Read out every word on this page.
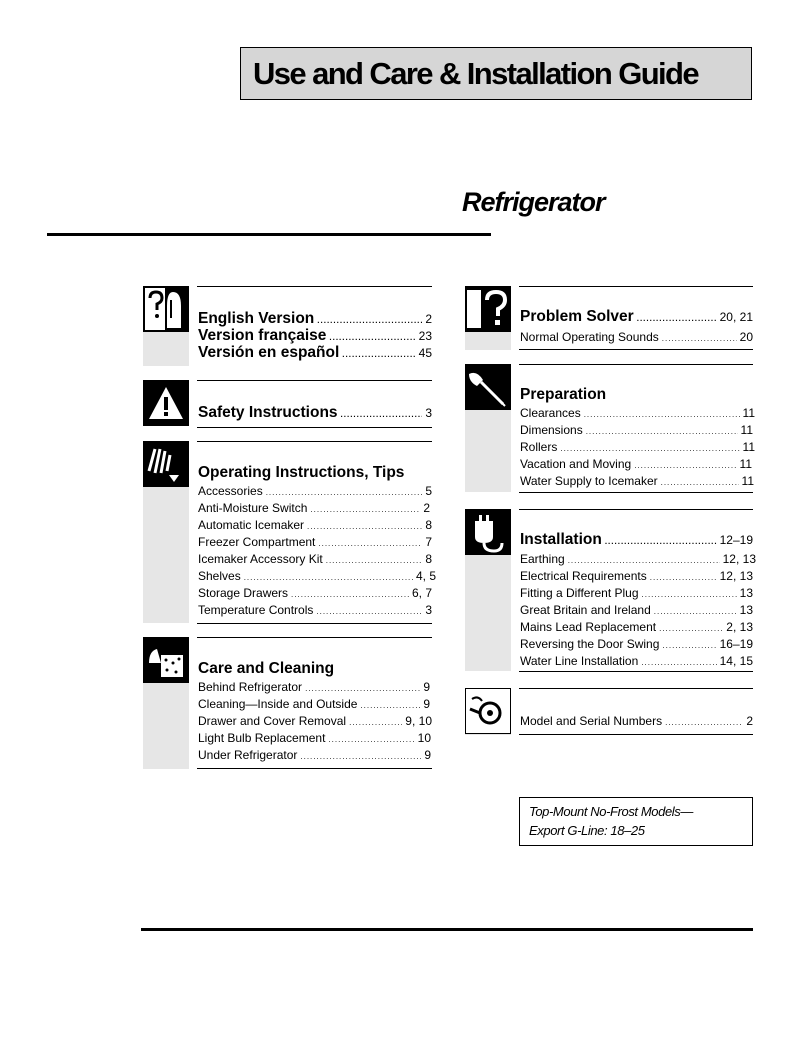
Use and Care & Installation Guide
Refrigerator
English Version .....	2
Version française .....	23
Versión en español .....	45
Safety Instructions .....	3
Operating Instructions, Tips
Accessories .....	5
Anti-Moisture Switch .....	2
Automatic Icemaker .....	8
Freezer Compartment .....	7
Icemaker Accessory Kit .....	8
Shelves .....	4, 5
Storage Drawers .....	6, 7
Temperature Controls .....	3
Care and Cleaning
Behind Refrigerator .....	9
Cleaning—Inside and Outside .....	9
Drawer and Cover Removal .....	9, 10
Light Bulb Replacement .....	10
Under Refrigerator .....	9
Problem Solver .....	20, 21
Normal Operating Sounds .....	20
Preparation
Clearances .....	11
Dimensions .....	11
Rollers .....	11
Vacation and Moving .....	11
Water Supply to Icemaker .....	11
Installation .....	12–19
Earthing .....	12, 13
Electrical Requirements .....	12, 13
Fitting a Different Plug .....	13
Great Britain and Ireland .....	13
Mains Lead Replacement .....	2, 13
Reversing the Door Swing .....	16–19
Water Line Installation .....	14, 15
Model and Serial Numbers .....	2
Top-Mount No-Frost Models—
Export G-Line: 18–25
